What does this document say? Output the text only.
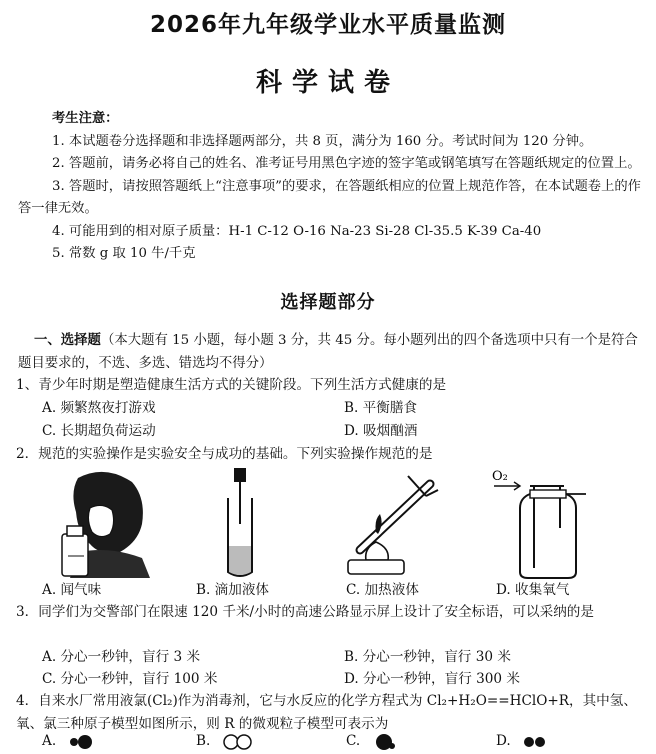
2026年九年级学业水平质量监测
科学试卷
考生注意：
1. 本试题卷分选择题和非选择题两部分，共 8 页，满分为 160 分。考试时间为 120 分钟。
2. 答题前，请务必将自己的姓名、准考证号用黑色字迹的签字笔或钢笔填写在答题纸规定的位置上。
3. 答题时，请按照答题纸上“注意事项”的要求，在答题纸相应的位置上规范作答，在本试题卷上的作答一律无效。
4. 可能用到的相对原子质量：H-1 C-12 O-16 Na-23 Si-28 Cl-35.5 K-39 Ca-40
5. 常数 g 取 10 牛/千克
选择题部分
一、选择题（本大题有 15 小题，每小题 3 分，共 45 分。每小题列出的四个备选项中只有一个是符合题目要求的，不选、多选、错选均不得分）
1、青少年时期是塑造健康生活方式的关键阶段。下列生活方式健康的是
A. 频繁熬夜打游戏	B. 平衡膳食
C. 长期超负荷运动	D. 吸烟酗酒
2．规范的实验操作是实验安全与成功的基础。下列实验操作规范的是
O₂
A. 闻气味	B. 滴加液体	C. 加热液体	D. 收集氧气
3．同学们为交警部门在限速 120 千米/小时的高速公路显示屏上设计了安全标语，可以采纳的是
A. 分心一秒钟，盲行 3 米	B. 分心一秒钟，盲行 30 米
C. 分心一秒钟，盲行 100 米	D. 分心一秒钟，盲行 300 米
4．自来水厂常用液氯(Cl₂)作为消毒剂，它与水反应的化学方程式为 Cl₂+H₂O==HClO+R，其中氢、氧、氯三种原子模型如图所示，则 R 的微观粒子模型可表示为
A.	B.	C.	D.
